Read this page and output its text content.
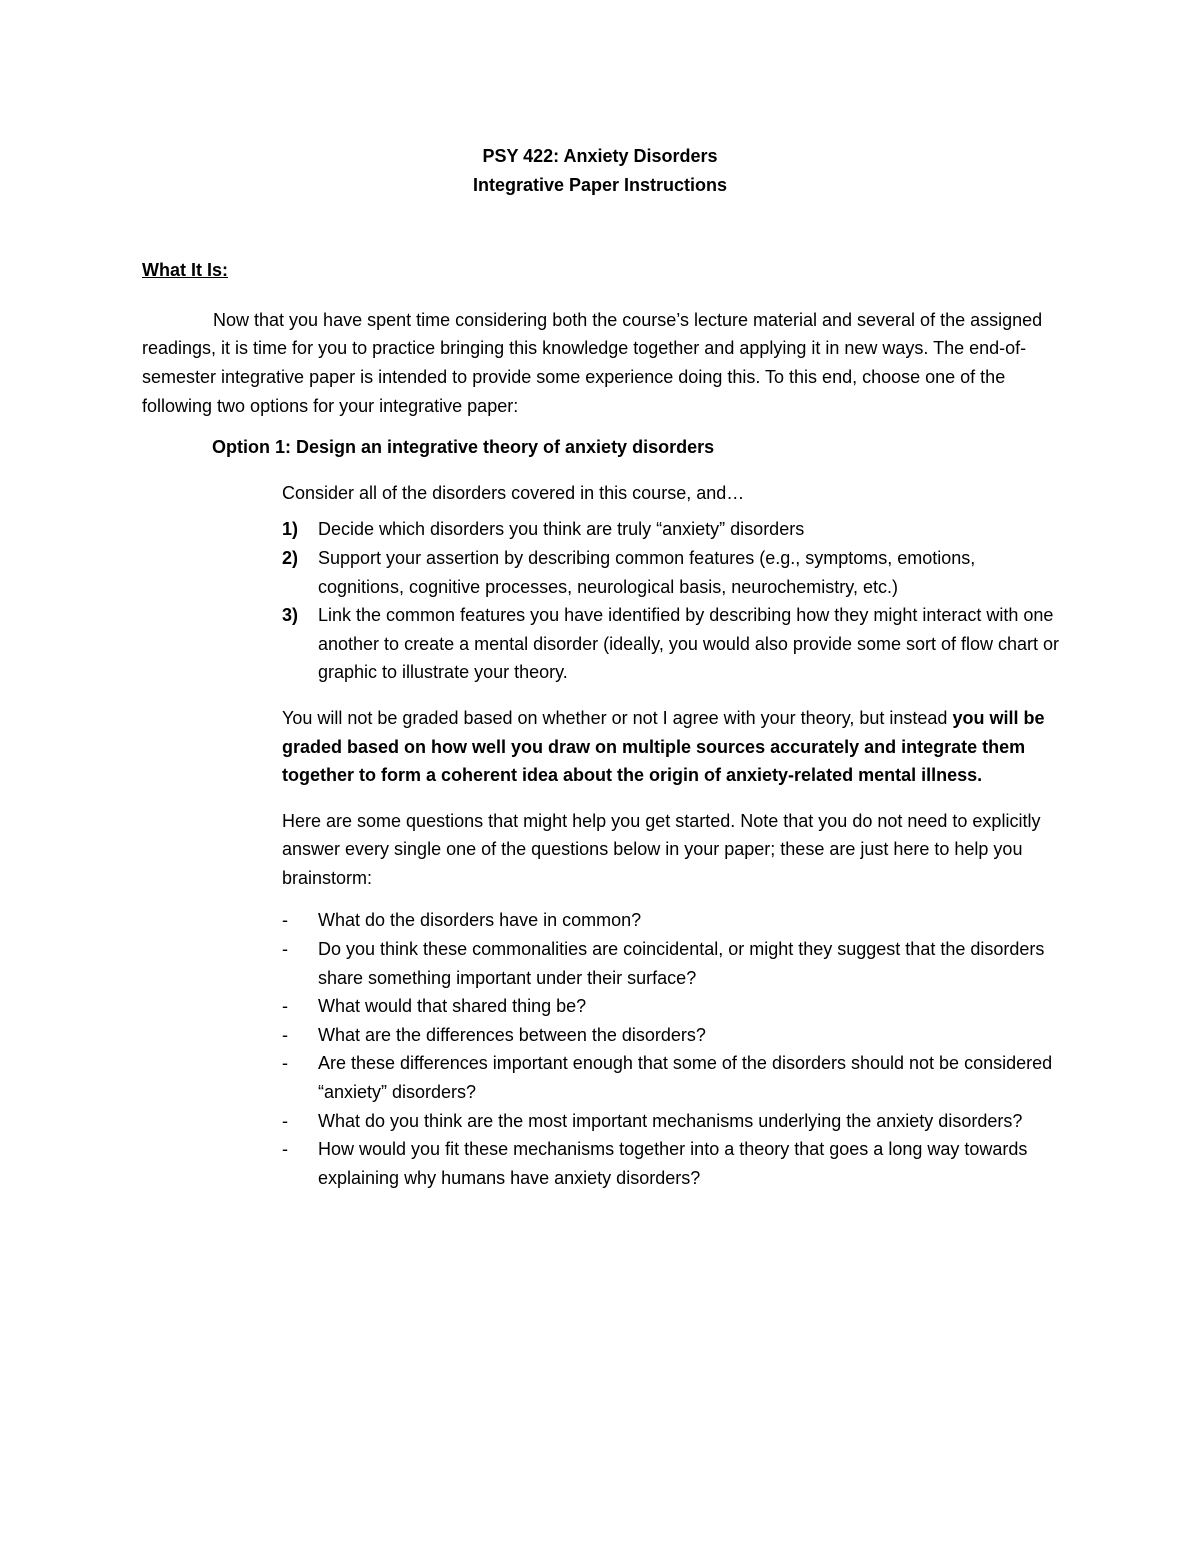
PSY 422: Anxiety Disorders
Integrative Paper Instructions
What It Is:

Now that you have spent time considering both the course’s lecture material and several of the assigned readings, it is time for you to practice bringing this knowledge together and applying it in new ways. The end-of-semester integrative paper is intended to provide some experience doing this. To this end, choose one of the following two options for your integrative paper:

Option 1: Design an integrative theory of anxiety disorders

Consider all of the disorders covered in this course, and…

1) Decide which disorders you think are truly “anxiety” disorders
2) Support your assertion by describing common features (e.g., symptoms, emotions, cognitions, cognitive processes, neurological basis, neurochemistry, etc.)
3) Link the common features you have identified by describing how they might interact with one another to create a mental disorder (ideally, you would also provide some sort of flow chart or graphic to illustrate your theory.

You will not be graded based on whether or not I agree with your theory, but instead you will be graded based on how well you draw on multiple sources accurately and integrate them together to form a coherent idea about the origin of anxiety-related mental illness.

Here are some questions that might help you get started. Note that you do not need to explicitly answer every single one of the questions below in your paper; these are just here to help you brainstorm:

- What do the disorders have in common?
- Do you think these commonalities are coincidental, or might they suggest that the disorders share something important under their surface?
- What would that shared thing be?
- What are the differences between the disorders?
- Are these differences important enough that some of the disorders should not be considered “anxiety” disorders?
- What do you think are the most important mechanisms underlying the anxiety disorders?
- How would you fit these mechanisms together into a theory that goes a long way towards explaining why humans have anxiety disorders?
